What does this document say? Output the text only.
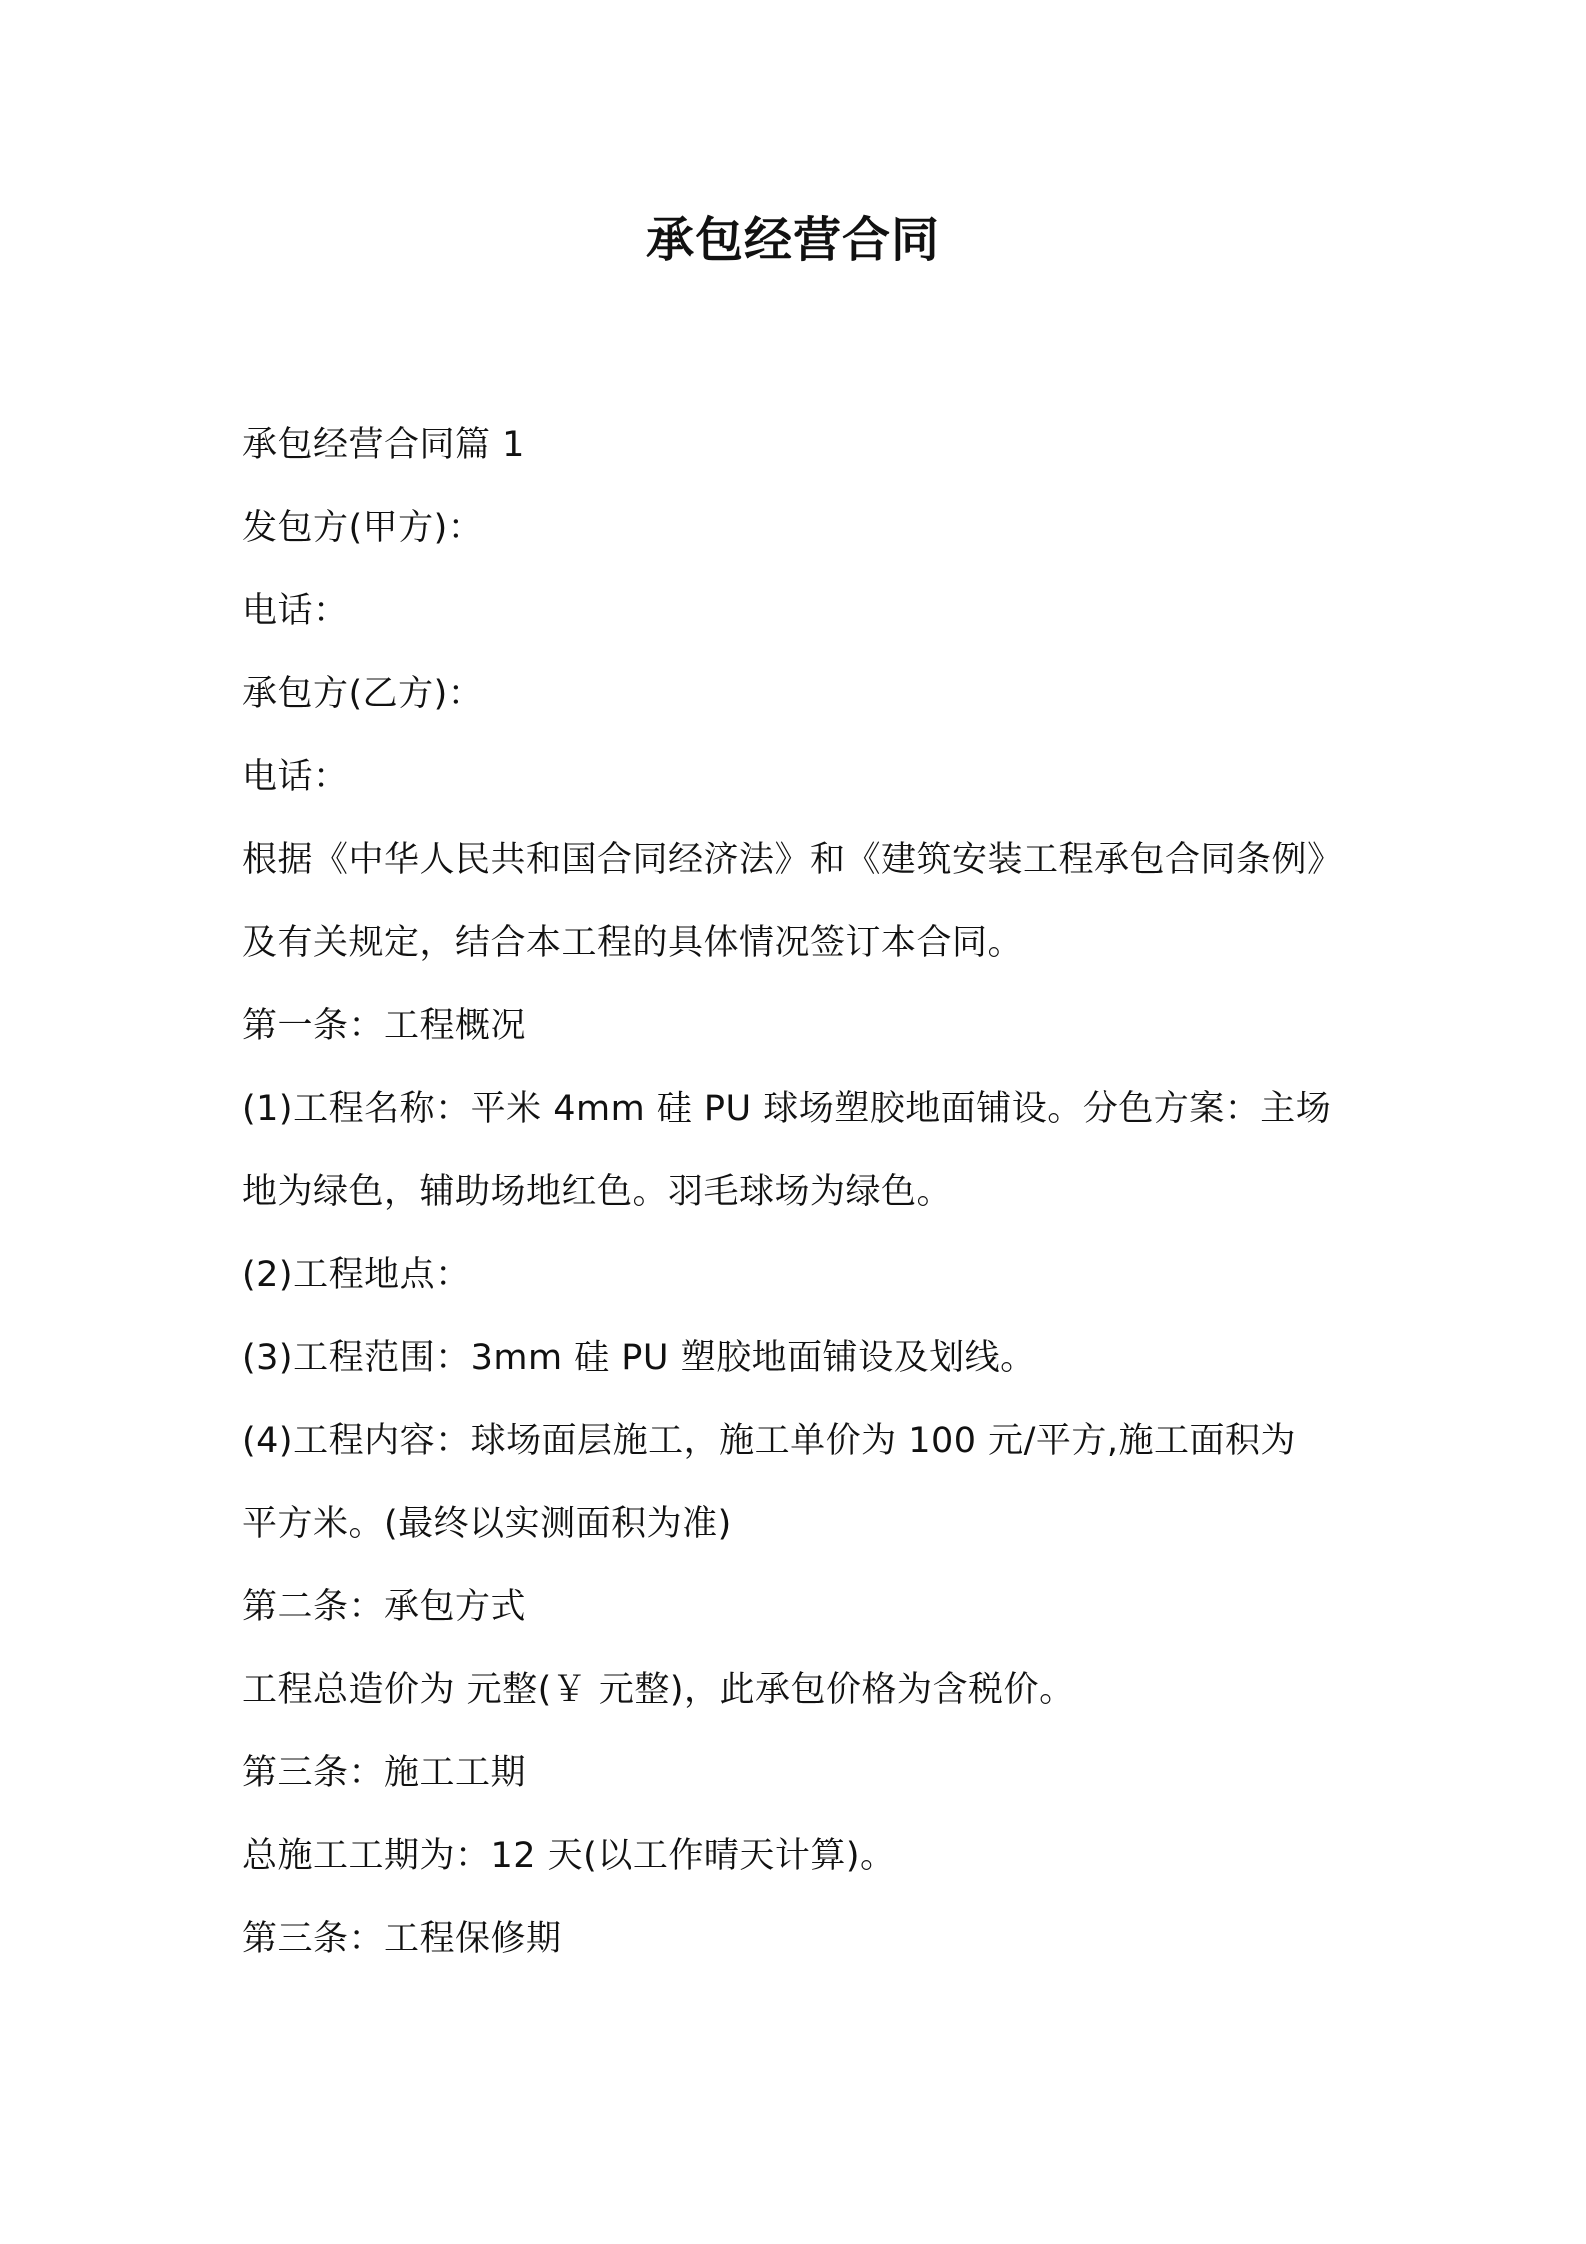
承包经营合同
承包经营合同篇 1
发包方(甲方)：
电话：
承包方(乙方)：
电话：
根据《中华人民共和国合同经济法》和《建筑安装工程承包合同条例》
及有关规定，结合本工程的具体情况签订本合同。
第一条：工程概况
(1)工程名称：平米 4mm 硅 PU 球场塑胶地面铺设。分色方案：主场
地为绿色，辅助场地红色。羽毛球场为绿色。
(2)工程地点：
(3)工程范围：3mm 硅 PU 塑胶地面铺设及划线。
(4)工程内容：球场面层施工，施工单价为 100 元/平方,施工面积为
平方米。(最终以实测面积为准)
第二条：承包方式
工程总造价为 元整(￥ 元整)，此承包价格为含税价。
第三条：施工工期
总施工工期为：12 天(以工作晴天计算)。
第三条：工程保修期
